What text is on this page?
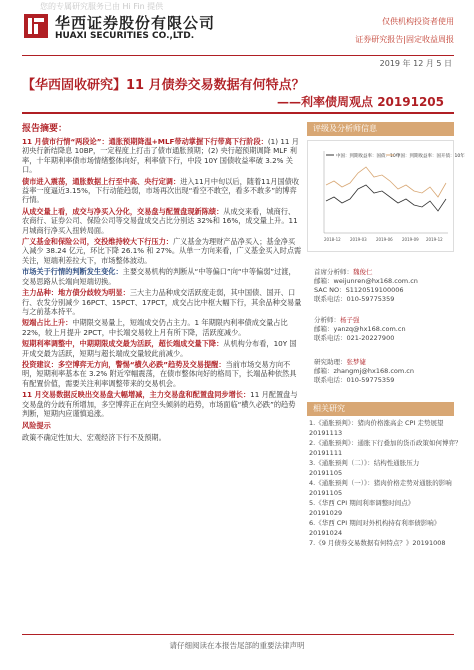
您的专属研究服务已由 Hi Fin 提供
华西证券股份有限公司
HUAXI SECURITIES CO.,LTD.
仅供机构投资者使用
证券研究报告|固定收益周报
2019 年 12 月 5 日
【华西固收研究】11 月债券交易数据有何特点？
——利率债周观点 20191205
报告摘要：

11 月债市行情“两段论”：通胀预期降温+MLF带动掌握下行带离下行阶段：(1) 11 月初央行新结降息 10BP，一定程度上打击了债市通胀预期；(2) 央行超预期调降 MLF 利率，十年期利率债市场情绪整体向好，利率债下行，中段 10Y 国债收益率破 3.2% 关口。

债市进入震荡，通胀数据上行至中高、央行定调：进入11月中旬以后，随着11月国债收益率一度逼近3.15%，下行动能趋弱，市场再次出现“看空不敢空，看多不敢多”的博弈行情。

从成交量上看，成交与净买入分化，交易盘与配置盘现新陈绩：从成交来看，城商行、农商行、证券公司、保险公司等交易盘成交占比分别达 32%和 16%，成交量上升。11 月城商行净买入扭转局面。

广义基金和保险公司，交投维持较大下行压力：广义基金为理财产品净买入；基金净买入减少 38.24 亿元，环比下降 26.1% 和 27%。从单一方向来看，广义基金买入时点需关注，短端利差拉大下，市场整体波动。

市场关于行情的判断发生变化：主要交易机构的判断从“中等偏口”向“中等偏弱”过渡，交易思路从长端向短端切换。

主力品种：地方债分歧较为明显：三大主力品种成交活跃度走弱，其中国债、国开、口行、农发分别减少 16PCT、15PCT、17PCT，成交占比中枢大幅下行，其余品种交易量与之前基本持平。

短端占比上升：中期限交易量上，短端成交仍占主力。1 年期限内利率债成交量占比 22%，较上月提升 2PCT，中长端交易较上月有所下降，活跃度减少。

短期利率调整中，中期期限成交最为活跃，超长端成交量下降：从机构分布看，10Y 国开成交最为活跃，短期与超长端成交量较此前减少。

投资建议：多空博弈无方向，警惕“横久必跌”趋势及交易提醒：当前市场交易方向不明，短期利率基本在 3.2% 附近窄幅震荡，在债市整体向好的格局下，长端品种依然具有配置价值，需要关注利率调整带来的交易机会。

11 月交易数据反映出交易盘大幅增减，主力交易盘和配置盘同步增长：11 月配置盘与交易盘的分歧有所增加，多空博弈正在向空头倾斜的趋势，市场面临“横久必跌”的趋势判断，短期内应谨慎追涨。

风险提示

政策不确定性加大、宏观经济下行不及预期。

评级及分析师信息
中国：到期收益率：国债：10年
中国：到期收益率：国开债：10年
2018-12 2019-03 2019-06 2019-09 2019-12
首席分析师：魏俊仁
邮箱：weijunren@hx168.com.cn
SAC NO：S1120519100006
联系电话：010-59775359
分析师：杨子强
邮箱：yanzq@hx168.com.cn
联系电话：021-20227900
研究助理：张梦婕
邮箱：zhangmj@hx168.com.cn
联系电话：010-59775359
相关研究
1.《通胀预判》：猪肉价格涨高企 CPI 走势展望
20191113
2.《通胀预判》：通胀下行叠加的货币政策如何博弈？
20191111
3.《通胀预判（二）》：结构性通胀压力
20191105
4.《通胀预判（一）》：猪肉价格走势对通胀的影响
20191105
5.《华西 CPI 期间利率调整时间点》
20191029
6.《华西 CPI 期间对外机构持有利率债影响》
20191024
7.《9 月债券交易数据有何特点？》20191008
请仔细阅读在本报告尾部的重要法律声明
